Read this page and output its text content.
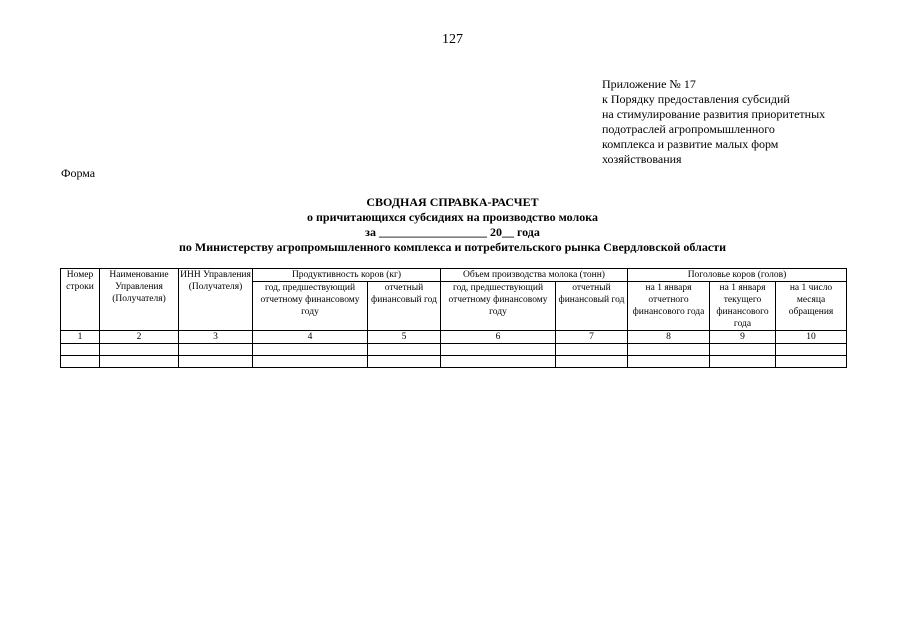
127
Приложение № 17
к Порядку предоставления субсидий
на стимулирование развития приоритетных
подотраслей агропромышленного
комплекса и развитие малых форм
хозяйствования
Форма
СВОДНАЯ СПРАВКА-РАСЧЕТ
о причитающихся субсидиях на производство молока
за __________________ 20__ года
по Министерству агропромышленного комплекса и потребительского рынка Свердловской области
Номер строки	Наименование Управления (Получателя)	ИНН Управления (Получателя)	Продуктивность коров (кг)		Объем производства молока (тонн)		Поголовье коров (голов)		
			год, предшествующий отчетному финансовому году	отчетный финансовый год	год, предшествующий отчетному финансовому году	отчетный финансовый год	на 1 января отчетного финансового года	на 1 января текущего финансового года	на 1 число месяца обращения
1	2	3	4	5	6	7	8	9	10
